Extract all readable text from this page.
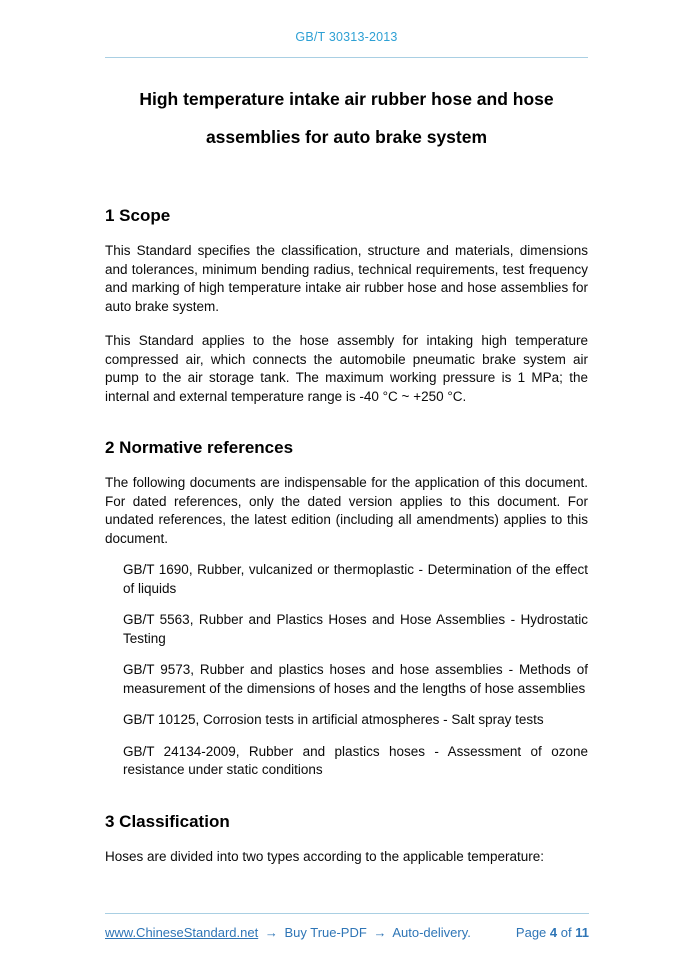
GB/T 30313-2013
High temperature intake air rubber hose and hose
assemblies for auto brake system
1 Scope

This Standard specifies the classification, structure and materials, dimensions and tolerances, minimum bending radius, technical requirements, test frequency and marking of high temperature intake air rubber hose and hose assemblies for auto brake system.

This Standard applies to the hose assembly for intaking high temperature compressed air, which connects the automobile pneumatic brake system air pump to the air storage tank. The maximum working pressure is 1 MPa; the internal and external temperature range is -40 °C ~ +250 °C.

2 Normative references

The following documents are indispensable for the application of this document. For dated references, only the dated version applies to this document. For undated references, the latest edition (including all amendments) applies to this document.

GB/T 1690, Rubber, vulcanized or thermoplastic - Determination of the effect of liquids

GB/T 5563, Rubber and Plastics Hoses and Hose Assemblies - Hydrostatic Testing

GB/T 9573, Rubber and plastics hoses and hose assemblies - Methods of measurement of the dimensions of hoses and the lengths of hose assemblies

GB/T 10125, Corrosion tests in artificial atmospheres - Salt spray tests

GB/T 24134-2009, Rubber and plastics hoses - Assessment of ozone resistance under static conditions

3 Classification

Hoses are divided into two types according to the applicable temperature:

www.ChineseStandard.net → Buy True-PDF → Auto-delivery.	Page 4 of 11
